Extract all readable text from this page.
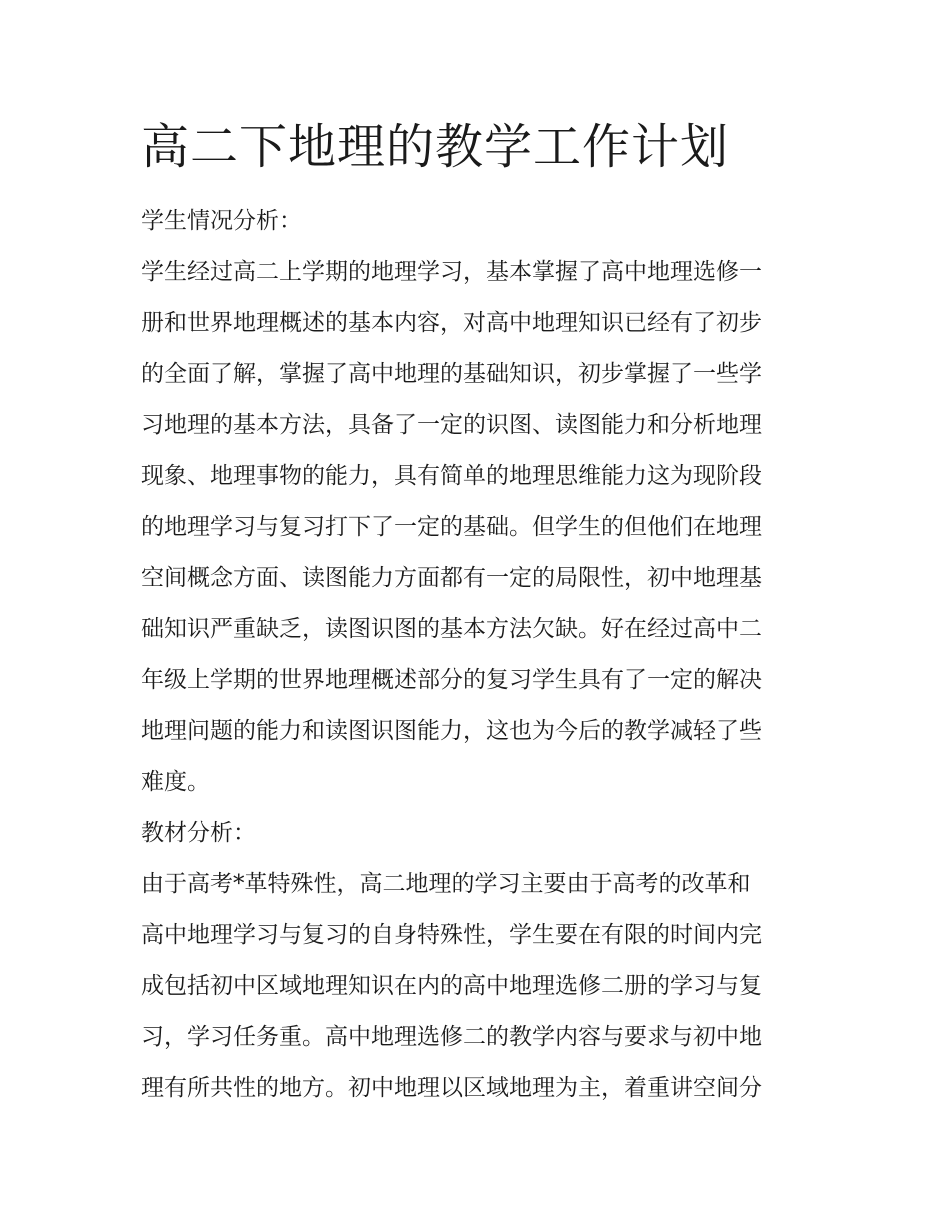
高二下地理的教学工作计划
学生情况分析：
学生经过高二上学期的地理学习，基本掌握了高中地理选修一
册和世界地理概述的基本内容，对高中地理知识已经有了初步
的全面了解，掌握了高中地理的基础知识，初步掌握了一些学
习地理的基本方法，具备了一定的识图、读图能力和分析地理
现象、地理事物的能力，具有简单的地理思维能力这为现阶段
的地理学习与复习打下了一定的基础。但学生的但他们在地理
空间概念方面、读图能力方面都有一定的局限性，初中地理基
础知识严重缺乏，读图识图的基本方法欠缺。好在经过高中二
年级上学期的世界地理概述部分的复习学生具有了一定的解决
地理问题的能力和读图识图能力，这也为今后的教学减轻了些
难度。
教材分析：
由于高考*革特殊性，高二地理的学习主要由于高考的改革和
高中地理学习与复习的自身特殊性，学生要在有限的时间内完
成包括初中区域地理知识在内的高中地理选修二册的学习与复
习，学习任务重。高中地理选修二的教学内容与要求与初中地
理有所共性的地方。初中地理以区域地理为主，着重讲空间分
